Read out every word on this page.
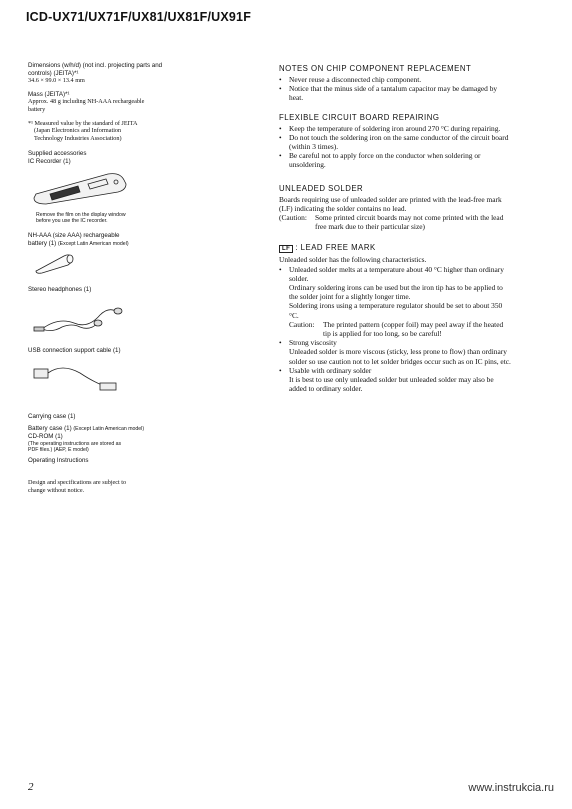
ICD-UX71/UX71F/UX81/UX81F/UX91F
Dimensions (w/h/d) (not incl. projecting parts and controls) (JEITA)*¹
34.6 × 99.0 × 13.4 mm
Mass (JEITA)*¹
Approx. 48 g including NH-AAA rechargeable battery
*¹ Measured value by the standard of JEITA
(Japan Electronics and Information
Technology Industries Association)
Supplied accessories
IC Recorder (1)
Remove the film on the display window
before you use the IC recorder.
NH-AAA (size AAA) rechargeable
battery (1) (Except Latin American model)
Stereo headphones (1)
USB connection support cable (1)
Carrying case (1)
Battery case (1) (Except Latin American model)
CD-ROM (1)
(The operating instructions are stored as
PDF files.) (AEP, E model)
Operating Instructions
Design and specifications are subject to
change without notice.
NOTES ON CHIP COMPONENT REPLACEMENT
•	Never reuse a disconnected chip component.
•	Notice that the minus side of a tantalum capacitor may be damaged by heat.
FLEXIBLE CIRCUIT BOARD REPAIRING
•	Keep the temperature of soldering iron around 270 °C during repairing.
•	Do not touch the soldering iron on the same conductor of the circuit board (within 3 times).
•	Be careful not to apply force on the conductor when soldering or unsoldering.
UNLEADED SOLDER
Boards requiring use of unleaded solder are printed with the lead-free mark (LF) indicating the solder contains no lead.
(Caution:	Some printed circuit boards may not come printed with the lead free mark due to their particular size)
LF : LEAD FREE MARK
Unleaded solder has the following characteristics.
•	Unleaded solder melts at a temperature about 40 °C higher than ordinary solder.
Ordinary soldering irons can be used but the iron tip has to be applied to the solder joint for a slightly longer time.
Soldering irons using a temperature regulator should be set to about 350 °C.
Caution:	The printed pattern (copper foil) may peel away if the heated tip is applied for too long, so be careful!
•	Strong viscosity
Unleaded solder is more viscous (sticky, less prone to flow) than ordinary solder so use caution not to let solder bridges occur such as on IC pins, etc.
•	Usable with ordinary solder
It is best to use only unleaded solder but unleaded solder may also be added to ordinary solder.
2	www.instrukcia.ru
